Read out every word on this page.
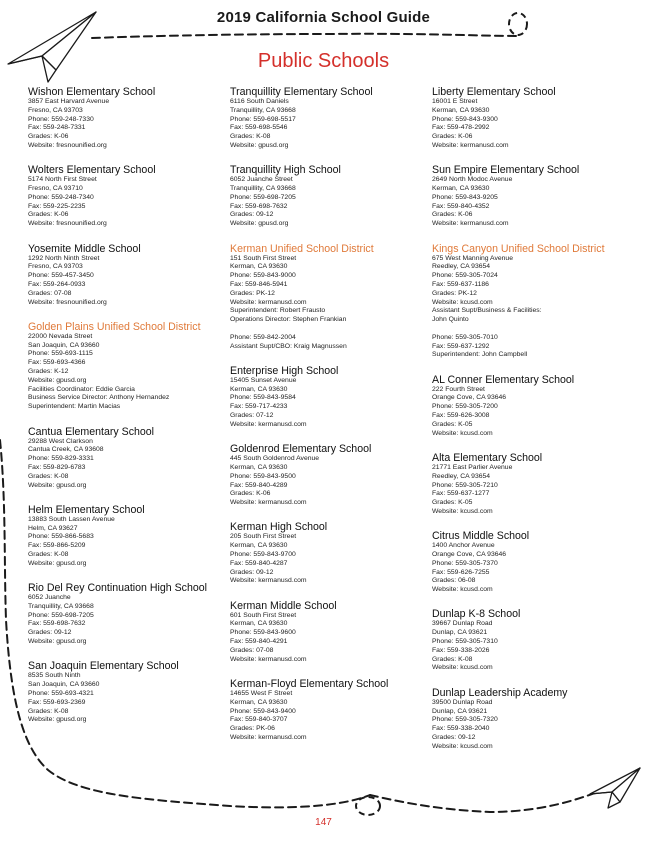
2019 California School Guide
Public Schools
Wishon Elementary School
3857 East Harvard Avenue
Fresno, CA 93703
Phone: 559-248-7330
Fax: 559-248-7331
Grades: K-06
Website: fresnounified.org
Wolters Elementary School
5174 North First Street
Fresno, CA 93710
Phone: 559-248-7340
Fax: 559-225-2235
Grades: K-06
Website: fresnounified.org
Yosemite Middle School
1292 North Ninth Street
Fresno, CA 93703
Phone: 559-457-3450
Fax: 559-264-0933
Grades: 07-08
Website: fresnounified.org
Golden Plains Unified School District
22000 Nevada Street
San Joaquin, CA 93660
Phone: 559-693-1115
Fax: 559-693-4366
Grades: K-12
Website: gpusd.org
Facilities Coordinator: Eddie Garcia
Business Service Director: Anthony Hernandez
Superintendent: Martin Macias
Cantua Elementary School
29288 West Clarkson
Cantua Creek, CA 93608
Phone: 559-829-3331
Fax: 559-829-6783
Grades: K-08
Website: gpusd.org
Helm Elementary School
13883 South Lassen Avenue
Helm, CA 93627
Phone: 559-866-5683
Fax: 559-866-5209
Grades: K-08
Website: gpusd.org
Rio Del Rey Continuation High School
6052 Juanche
Tranquillity, CA 93668
Phone: 559-698-7205
Fax: 559-698-7632
Grades: 09-12
Website: gpusd.org
San Joaquin Elementary School
8535 South Ninth
San Joaquin, CA 93660
Phone: 559-693-4321
Fax: 559-693-2369
Grades: K-08
Website: gpusd.org
Tranquillity Elementary School
6116 South Daniels
Tranquillity, CA 93668
Phone: 559-698-5517
Fax: 559-698-5546
Grades: K-08
Website: gpusd.org
Tranquillity High School
6052 Juanche Street
Tranquillity, CA 93668
Phone: 559-698-7205
Fax: 559-698-7632
Grades: 09-12
Website: gpusd.org
Kerman Unified School District
151 South First Street
Kerman, CA 93630
Phone: 559-843-9000
Fax: 559-846-5941
Grades: PK-12
Website: kermanusd.com
Superintendent: Robert Frausto
Operations Director: Stephen Frankian
Phone: 559-842-2004
Assistant Supt/CBO: Kraig Magnussen
Enterprise High School
15405 Sunset Avenue
Kerman, CA 93630
Phone: 559-843-9584
Fax: 559-717-4233
Grades: 07-12
Website: kermanusd.com
Goldenrod Elementary School
445 South Goldenrod Avenue
Kerman, CA 93630
Phone: 559-843-9500
Fax: 559-840-4289
Grades: K-06
Website: kermanusd.com
Kerman High School
205 South First Street
Kerman, CA 93630
Phone: 559-843-9700
Fax: 559-840-4287
Grades: 09-12
Website: kermanusd.com
Kerman Middle School
601 South First Street
Kerman, CA 93630
Phone: 559-843-9600
Fax: 559-840-4291
Grades: 07-08
Website: kermanusd.com
Kerman-Floyd Elementary School
14655 West F Street
Kerman, CA 93630
Phone: 559-843-9400
Fax: 559-840-3707
Grades: PK-06
Website: kermanusd.com
Liberty Elementary School
16001 E Street
Kerman, CA 93630
Phone: 559-843-9300
Fax: 559-478-2992
Grades: K-06
Website: kermanusd.com
Sun Empire Elementary School
2649 North Modoc Avenue
Kerman, CA 93630
Phone: 559-843-9205
Fax: 559-840-4352
Grades: K-06
Website: kermanusd.com
Kings Canyon Unified School District
675 West Manning Avenue
Reedley, CA 93654
Phone: 559-305-7024
Fax: 559-637-1186
Grades: PK-12
Website: kcusd.com
Assistant Supt/Business & Facilities:
John Quinto
Phone: 559-305-7010
Fax: 559-637-1292
Superintendent: John Campbell
AL Conner Elementary School
222 Fourth Street
Orange Cove, CA 93646
Phone: 559-305-7200
Fax: 559-626-3008
Grades: K-05
Website: kcusd.com
Alta Elementary School
21771 East Parlier Avenue
Reedley, CA 93654
Phone: 559-305-7210
Fax: 559-637-1277
Grades: K-05
Website: kcusd.com
Citrus Middle School
1400 Anchor Avenue
Orange Cove, CA 93646
Phone: 559-305-7370
Fax: 559-626-7255
Grades: 06-08
Website: kcusd.com
Dunlap K-8 School
39667 Dunlap Road
Dunlap, CA 93621
Phone: 559-305-7310
Fax: 559-338-2026
Grades: K-08
Website: kcusd.com
Dunlap Leadership Academy
39500 Dunlap Road
Dunlap, CA 93621
Phone: 559-305-7320
Fax: 559-338-2040
Grades: 09-12
Website: kcusd.com
147
